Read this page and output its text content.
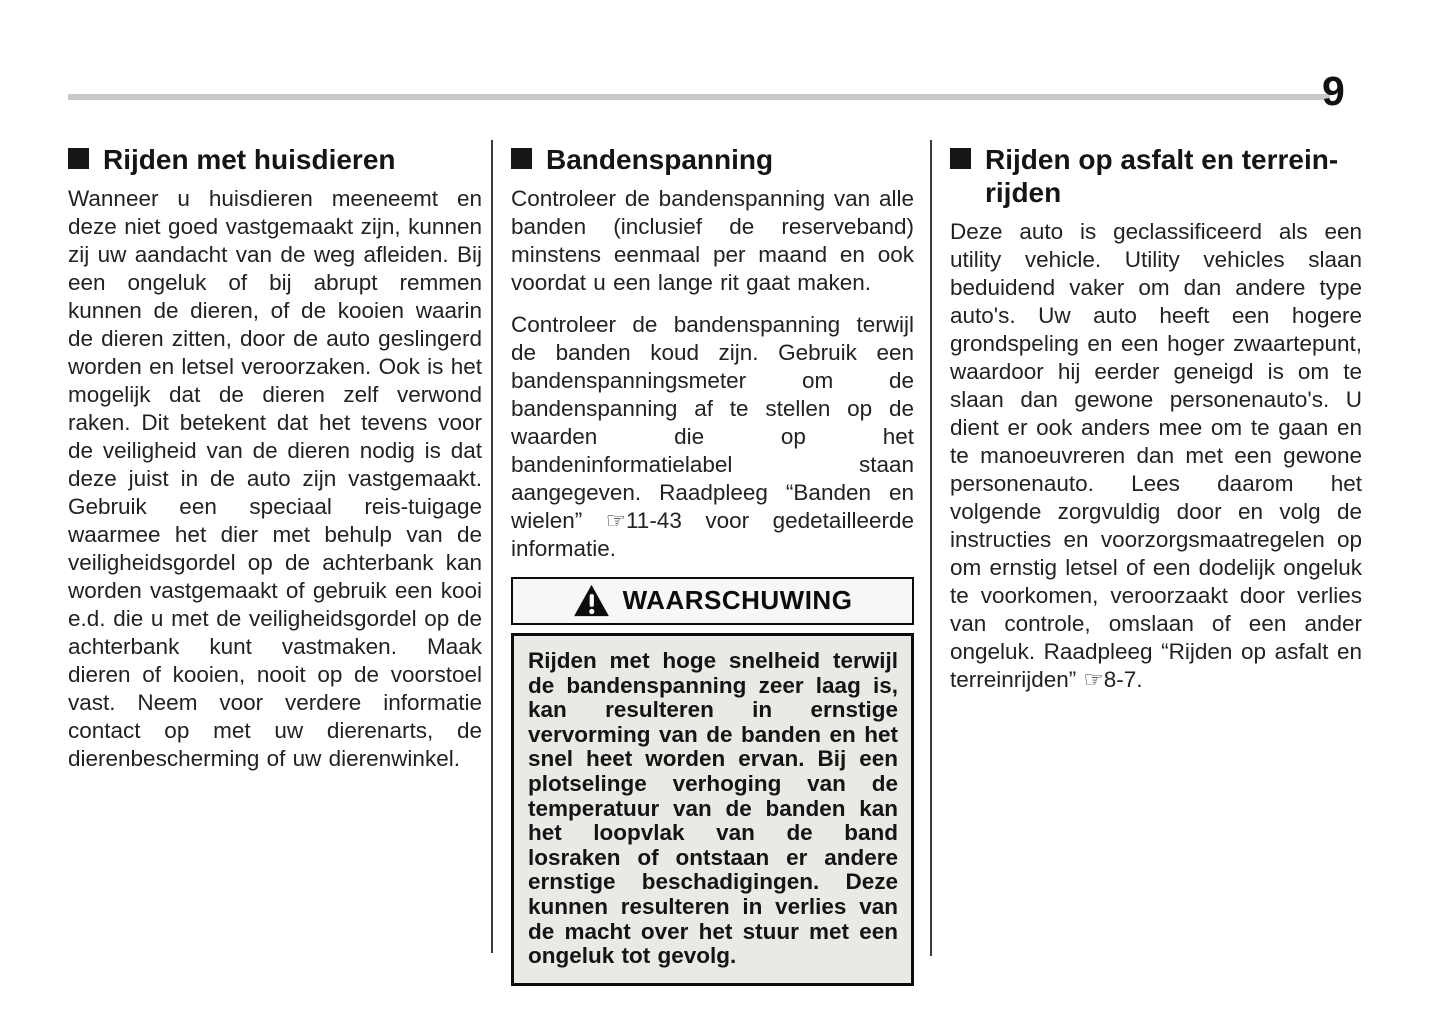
9
Rijden met huisdieren

Wanneer u huisdieren meeneemt en deze niet goed vastgemaakt zijn, kunnen zij uw aandacht van de weg afleiden. Bij een ongeluk of bij abrupt remmen kunnen de dieren, of de kooien waarin de dieren zitten, door de auto geslingerd worden en letsel veroorzaken. Ook is het mogelijk dat de dieren zelf verwond raken. Dit betekent dat het tevens voor de veiligheid van de dieren nodig is dat deze juist in de auto zijn vastgemaakt. Gebruik een speciaal reis-tuigage waarmee het dier met behulp van de veiligheidsgordel op de achterbank kan worden vastgemaakt of gebruik een kooi e.d. die u met de veiligheidsgordel op de achterbank kunt vastmaken. Maak dieren of kooien, nooit op de voorstoel vast. Neem voor verdere informatie contact op met uw dierenarts, de dierenbescherming of uw dierenwinkel.

Bandenspanning

Controleer de bandenspanning van alle banden (inclusief de reserveband) minstens eenmaal per maand en ook voordat u een lange rit gaat maken.

Controleer de bandenspanning terwijl de banden koud zijn. Gebruik een bandenspanningsmeter om de bandenspanning af te stellen op de waarden die op het bandeninformatielabel staan aangegeven. Raadpleeg “Banden en wielen” ☞11-43 voor gedetailleerde informatie.

WAARSCHUWING
Rijden met hoge snelheid terwijl de bandenspanning zeer laag is, kan resulteren in ernstige vervorming van de banden en het snel heet worden ervan. Bij een plotselinge verhoging van de temperatuur van de banden kan het loopvlak van de band losraken of ontstaan er andere ernstige beschadigingen. Deze kunnen resulteren in verlies van de macht over het stuur met een ongeluk tot gevolg.
Rijden op asfalt en terrein-
rijden

Deze auto is geclassificeerd als een utility vehicle. Utility vehicles slaan beduidend vaker om dan andere type auto's. Uw auto heeft een hogere grondspeling en een hoger zwaartepunt, waardoor hij eerder geneigd is om te slaan dan gewone personenauto's. U dient er ook anders mee om te gaan en te manoeuvreren dan met een gewone personenauto. Lees daarom het volgende zorgvuldig door en volg de instructies en voorzorgsmaatregelen op om ernstig letsel of een dodelijk ongeluk te voorkomen, veroorzaakt door verlies van controle, omslaan of een ander ongeluk. Raadpleeg “Rijden op asfalt en terreinrijden” ☞8-7.
